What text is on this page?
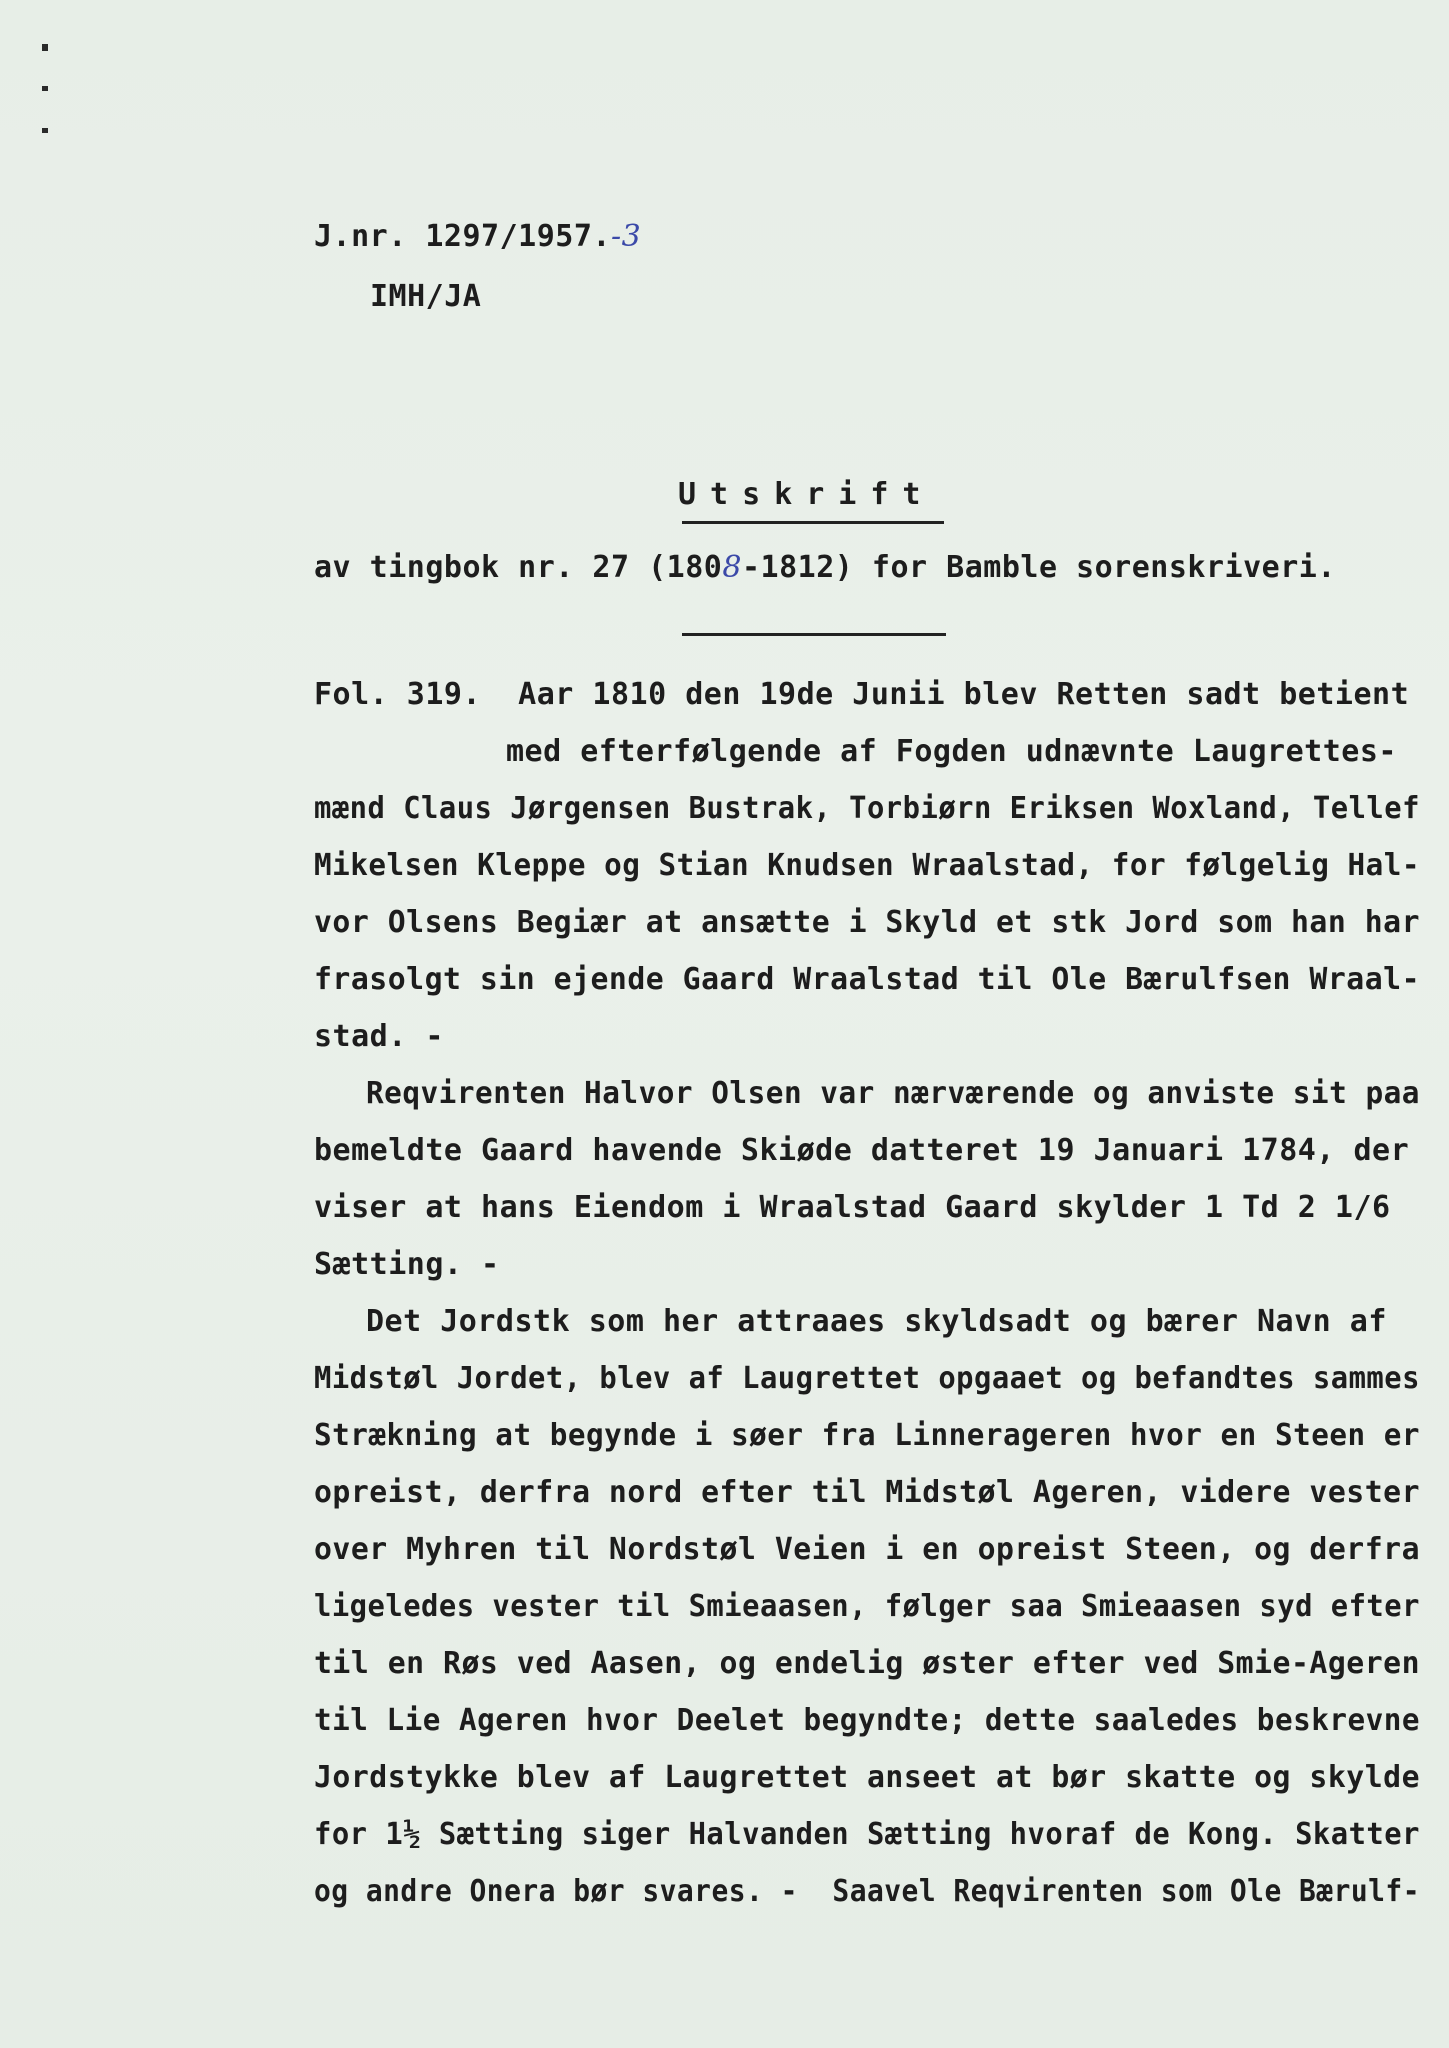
J.nr. 1297/1957.-3
IMH/JA
Utskrift
av tingbok nr. 27 (1808-1812) for Bamble sorenskriveri.
Fol. 319.  Aar 1810 den 19de Junii blev Retten sadt betient
med efterfølgende af Fogden udnævnte Laugrettes-
mænd Claus Jørgensen Bustrak, Torbiørn Eriksen Woxland, Tellef
Mikelsen Kleppe og Stian Knudsen Wraalstad, for følgelig Hal-
vor Olsens Begiær at ansætte i Skyld et stk Jord som han har
frasolgt sin ejende Gaard Wraalstad til Ole Bærulfsen Wraal-
stad. -
Reqvirenten Halvor Olsen var nærværende og anviste sit paa
bemeldte Gaard havende Skiøde datteret 19 Januari 1784, der
viser at hans Eiendom i Wraalstad Gaard skylder 1 Td 2 1/6
Sætting. -
Det Jordstk som her attraaes skyldsadt og bærer Navn af
Midstøl Jordet, blev af Laugrettet opgaaet og befandtes sammes
Strækning at begynde i søer fra Linnerageren hvor en Steen er
opreist, derfra nord efter til Midstøl Ageren, videre vester
over Myhren til Nordstøl Veien i en opreist Steen, og derfra
ligeledes vester til Smieaasen, følger saa Smieaasen syd efter
til en Røs ved Aasen, og endelig øster efter ved Smie-Ageren
til Lie Ageren hvor Deelet begyndte; dette saaledes beskrevne
Jordstykke blev af Laugrettet anseet at bør skatte og skylde
for 1½ Sætting siger Halvanden Sætting hvoraf de Kong. Skatter
og andre Onera bør svares. -  Saavel Reqvirenten som Ole Bærulf-
